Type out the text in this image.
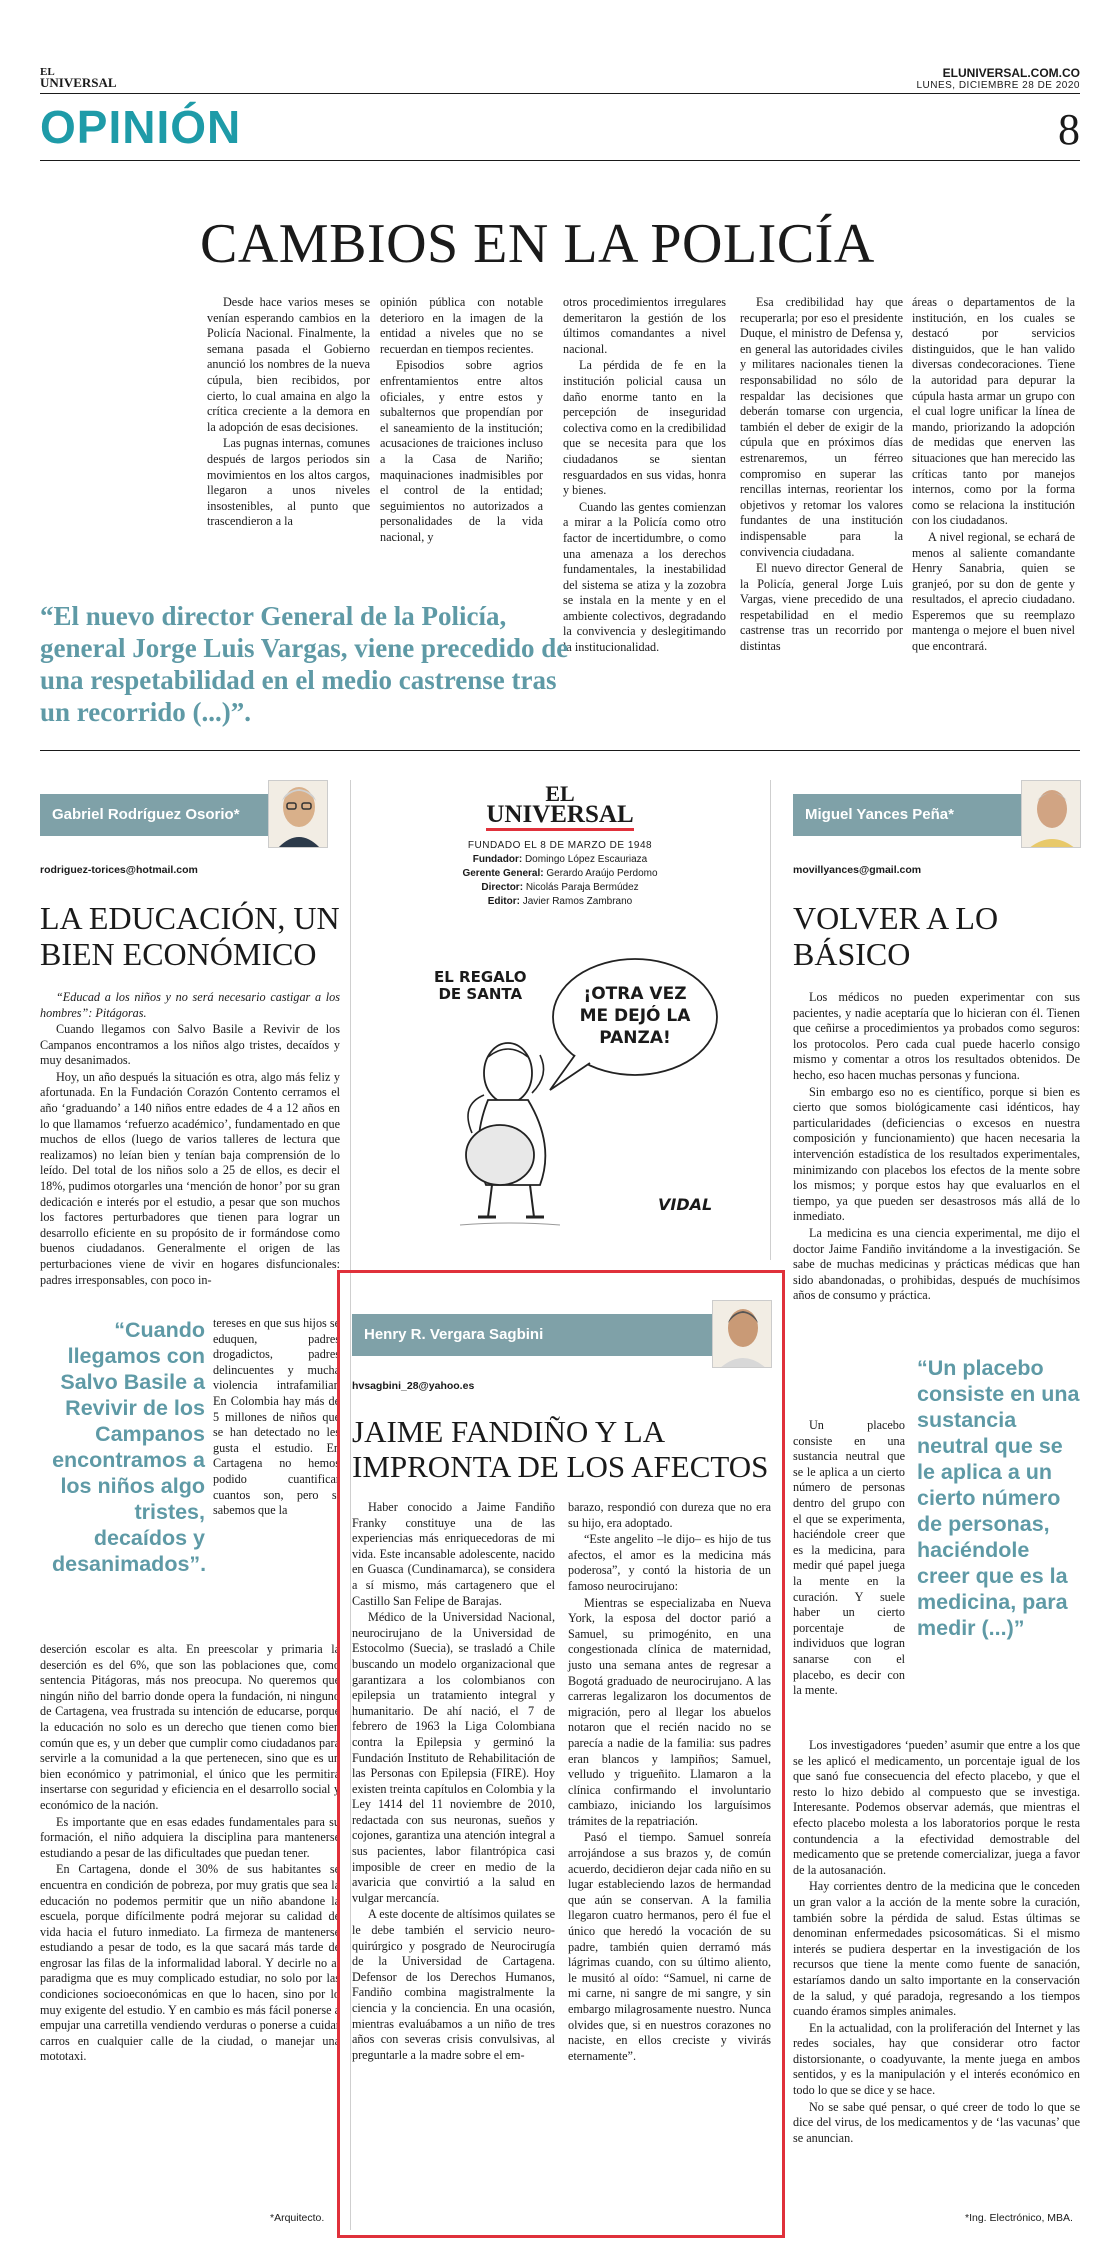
EL
UNIVERSAL
ELUNIVERSAL.COM.CO
LUNES, DICIEMBRE 28 DE 2020
OPINIÓN	8
CAMBIOS EN LA POLICÍA

Desde hace varios meses se venían esperando cambios en la Policía Nacional. Finalmente, la semana pasada el Gobierno anunció los nombres de la nueva cúpula, bien recibidos, por cierto, lo cual amaina en algo la crítica creciente a la demora en la adopción de esas decisiones.

Las pugnas internas, comunes después de largos periodos sin movimientos en los altos cargos, llegaron a unos niveles insostenibles, al punto que trascendieron a la

opinión pública con notable deterioro en la imagen de la entidad a niveles que no se recuerdan en tiempos recientes.

Episodios sobre agrios enfrentamientos entre altos oficiales, y entre estos y subalternos que propendían por el saneamiento de la institución; acusaciones de traiciones incluso a la Casa de Nariño; maquinaciones inadmisibles por el control de la entidad; seguimientos no autorizados a personalidades de la vida nacional, y

otros procedimientos irregulares demeritaron la gestión de los últimos comandantes a nivel nacional.

La pérdida de fe en la institución policial causa un daño enorme tanto en la percepción de inseguridad colectiva como en la credibilidad que se necesita para que los ciudadanos se sientan resguardados en sus vidas, honra y bienes.

Cuando las gentes comienzan a mirar a la Policía como otro factor de incertidumbre, o como una amenaza a los derechos fundamentales, la inestabilidad del sistema se atiza y la zozobra se instala en la mente y en el ambiente colectivos, degradando la convivencia y deslegitimando la institucionalidad.

Esa credibilidad hay que recuperarla; por eso el presidente Duque, el ministro de Defensa y, en general las autoridades civiles y militares nacionales tienen la responsabilidad no sólo de respaldar las decisiones que deberán tomarse con urgencia, también el deber de exigir de la cúpula que en próximos días estrenaremos, un férreo compromiso en superar las rencillas internas, reorientar los objetivos y retomar los valores fundantes de una institución indispensable para la convivencia ciudadana.

El nuevo director General de la Policía, general Jorge Luis Vargas, viene precedido de una respetabilidad en el medio castrense tras un recorrido por distintas

áreas o departamentos de la institución, en los cuales se destacó por servicios distinguidos, que le han valido diversas condecoraciones. Tiene la autoridad para depurar la cúpula hasta armar un grupo con el cual logre unificar la línea de mando, priorizando la adopción de medidas que enerven las situaciones que han merecido las críticas tanto por manejos internos, como por la forma como se relaciona la institución con los ciudadanos.

A nivel regional, se echará de menos al saliente comandante Henry Sanabria, quien se granjeó, por su don de gente y resultados, el aprecio ciudadano. Esperemos que su reemplazo mantenga o mejore el buen nivel que encontrará.

“El nuevo director General de la Policía, general Jorge Luis Vargas, viene precedido de una respetabilidad en el medio castrense tras un recorrido (...)”.
Gabriel Rodríguez Osorio*
rodriguez-torices@hotmail.com
LA EDUCACIÓN, UN BIEN ECONÓMICO
“Educad a los niños y no será necesario castigar a los hombres”: Pitágoras.

Cuando llegamos con Salvo Basile a Revivir de los Campanos encontramos a los niños algo tristes, decaídos y muy desanimados.

Hoy, un año después la situación es otra, algo más feliz y afortunada. En la Fundación Corazón Contento cerramos el año ‘graduando’ a 140 niños entre edades de 4 a 12 años en lo que llamamos ‘refuerzo académico’, fundamentado en que muchos de ellos (luego de varios talleres de lectura que realizamos) no leían bien y tenían baja comprensión de lo leído. Del total de los niños solo a 25 de ellos, es decir el 18%, pudimos otorgarles una ‘mención de honor’ por su gran dedicación e interés por el estudio, a pesar que son muchos los factores perturbadores que tienen para lograr un desarrollo eficiente en su propósito de ir formándose como buenos ciudadanos. Generalmente el origen de las perturbaciones viene de vivir en hogares disfuncionales: padres irresponsables, con poco in-

“Cuando llegamos con Salvo Basile a Revivir de los Campanos encontramos a los niños algo tristes, decaídos y desanimados”.
tereses en que sus hijos se eduquen, padres drogadictos, padres delincuentes y mucha violencia intrafamiliar. En Colombia hay más de 5 millones de niños que se han detectado no les gusta el estudio. En Cartagena no hemos podido cuantificar cuantos son, pero sí sabemos que la

deserción escolar es alta. En preescolar y primaria la deserción es del 6%, que son las poblaciones que, como sentencia Pitágoras, más nos preocupa. No queremos que ningún niño del barrio donde opera la fundación, ni ninguno de Cartagena, vea frustrada su intención de educarse, porque la educación no solo es un derecho que tienen como bien común que es, y un deber que cumplir como ciudadanos para servirle a la comunidad a la que pertenecen, sino que es un bien económico y patrimonial, el único que les permitirá insertarse con seguridad y eficiencia en el desarrollo social y económico de la nación.

Es importante que en esas edades fundamentales para su formación, el niño adquiera la disciplina para mantenerse estudiando a pesar de las dificultades que puedan tener.

En Cartagena, donde el 30% de sus habitantes se encuentra en condición de pobreza, por muy gratis que sea la educación no podemos permitir que un niño abandone la escuela, porque difícilmente podrá mejorar su calidad de vida hacia el futuro inmediato. La firmeza de mantenerse estudiando a pesar de todo, es la que sacará más tarde de engrosar las filas de la informalidad laboral. Y decirle no al paradigma que es muy complicado estudiar, no solo por las condiciones socioeconómicas en que lo hacen, sino por lo muy exigente del estudio. Y en cambio es más fácil ponerse a empujar una carretilla vendiendo verduras o ponerse a cuidar carros en cualquier calle de la ciudad, o manejar una mototaxi.

*Arquitecto.
EL
UNIVERSAL
FUNDADO EL 8 DE MARZO DE 1948
Fundador: Domingo López Escauriaza
Gerente General: Gerardo Araújo Perdomo
Director: Nicolás Paraja Bermúdez
Editor: Javier Ramos Zambrano
EL REGALO
DE SANTA	¡OTRA VEZ
ME DEJÓ LA
PANZA!
VIDAL
Henry R. Vergara Sagbini
hvsagbini_28@yahoo.es
JAIME FANDIÑO Y LA IMPRONTA DE LOS AFECTOS

Haber conocido a Jaime Fandiño Franky constituye una de las experiencias más enriquecedoras de mi vida. Este incansable adolescente, nacido en Guasca (Cundinamarca), se considera a sí mismo, más cartagenero que el Castillo San Felipe de Barajas.

Médico de la Universidad Nacional, neurocirujano de la Universidad de Estocolmo (Suecia), se trasladó a Chile buscando un modelo organizacional que garantizara a los colombianos con epilepsia un tratamiento integral y humanitario. De ahí nació, el 7 de febrero de 1963 la Liga Colombiana contra la Epilepsia y germinó la Fundación Instituto de Rehabilitación de las Personas con Epilepsia (FIRE). Hoy existen treinta capítulos en Colombia y la Ley 1414 del 11 noviembre de 2010, redactada con sus neuronas, sueños y cojones, garantiza una atención integral a sus pacientes, labor filantrópica casi imposible de creer en medio de la avaricia que convirtió a la salud en vulgar mercancía.

A este docente de altísimos quilates se le debe también el servicio neuro-quirúrgico y posgrado de Neurocirugía de la Universidad de Cartagena. Defensor de los Derechos Humanos, Fandiño combina magistralmente la ciencia y la conciencia. En una ocasión, mientras evaluábamos a un niño de tres años con severas crisis convulsivas, al preguntarle a la madre sobre el em-

barazo, respondió con dureza que no era su hijo, era adoptado.

“Este angelito –le dijo– es hijo de tus afectos, el amor es la medicina más poderosa”, y contó la historia de un famoso neurocirujano:

Mientras se especializaba en Nueva York, la esposa del doctor parió a Samuel, su primogénito, en una congestionada clínica de maternidad, justo una semana antes de regresar a Bogotá graduado de neurocirujano. A las carreras legalizaron los documentos de migración, pero al llegar los abuelos notaron que el recién nacido no se parecía a nadie de la familia: sus padres eran blancos y lampiños; Samuel, velludo y trigueñito. Llamaron a la clínica confirmando el involuntario cambiazo, iniciando los larguísimos trámites de la repatriación.

Pasó el tiempo. Samuel sonreía arrojándose a sus brazos y, de común acuerdo, decidieron dejar cada niño en su lugar estableciendo lazos de hermandad que aún se conservan. A la familia llegaron cuatro hermanos, pero él fue el único que heredó la vocación de su padre, también quien derramó más lágrimas cuando, con su último aliento, le musitó al oído: “Samuel, ni carne de mi carne, ni sangre de mi sangre, y sin embargo milagrosamente nuestro. Nunca olvides que, si en nuestros corazones no naciste, en ellos creciste y vivirás eternamente”.

Miguel Yances Peña*
movillyances@gmail.com
VOLVER A LO BÁSICO

Los médicos no pueden experimentar con sus pacientes, y nadie aceptaría que lo hicieran con él. Tienen que ceñirse a procedimientos ya probados como seguros: los protocolos. Pero cada cual puede hacerlo consigo mismo y comentar a otros los resultados obtenidos. De hecho, eso hacen muchas personas y funciona.

Sin embargo eso no es científico, porque si bien es cierto que somos biológicamente casi idénticos, hay particularidades (deficiencias o excesos en nuestra composición y funcionamiento) que hacen necesaria la intervención estadística de los resultados experimentales, minimizando con placebos los efectos de la mente sobre los mismos; y porque estos hay que evaluarlos en el tiempo, ya que pueden ser desastrosos más allá de lo inmediato.

La medicina es una ciencia experimental, me dijo el doctor Jaime Fandiño invitándome a la investigación. Se sabe de muchas medicinas y prácticas médicas que han sido abandonadas, o prohibidas, después de muchísimos años de consumo y práctica.

Un placebo consiste en una sustancia neutral que se le aplica a un cierto número de personas dentro del grupo con el que se experimenta, haciéndole creer que es la medicina, para medir qué papel juega la mente en la curación. Y suele haber un cierto porcentaje de individuos que logran sanarse con el placebo, es decir con la mente.
“Un placebo consiste en una sustancia neutral que se le aplica a un cierto número de personas, haciéndole creer que es la medicina, para medir (...)”

Los investigadores ‘pueden’ asumir que entre a los que se les aplicó el medicamento, un porcentaje igual de los que sanó fue consecuencia del efecto placebo, y que el resto lo hizo debido al compuesto que se investiga. Interesante. Podemos observar además, que mientras el efecto placebo molesta a los laboratorios porque le resta contundencia a la efectividad demostrable del medicamento que se pretende comercializar, juega a favor de la autosanación.

Hay corrientes dentro de la medicina que le conceden un gran valor a la acción de la mente sobre la curación, también sobre la pérdida de salud. Estas últimas se denominan enfermedades psicosomáticas. Si el mismo interés se pudiera despertar en la investigación de los recursos que tiene la mente como fuente de sanación, estaríamos dando un salto importante en la conservación de la salud, y qué paradoja, regresando a los tiempos cuando éramos simples animales.

En la actualidad, con la proliferación del Internet y las redes sociales, hay que considerar otro factor distorsionante, o coadyuvante, la mente juega en ambos sentidos, y es la manipulación y el interés económico en todo lo que se dice y se hace.

No se sabe qué pensar, o qué creer de todo lo que se dice del virus, de los medicamentos y de ‘las vacunas’ que se anuncian.

*Ing. Electrónico, MBA.
